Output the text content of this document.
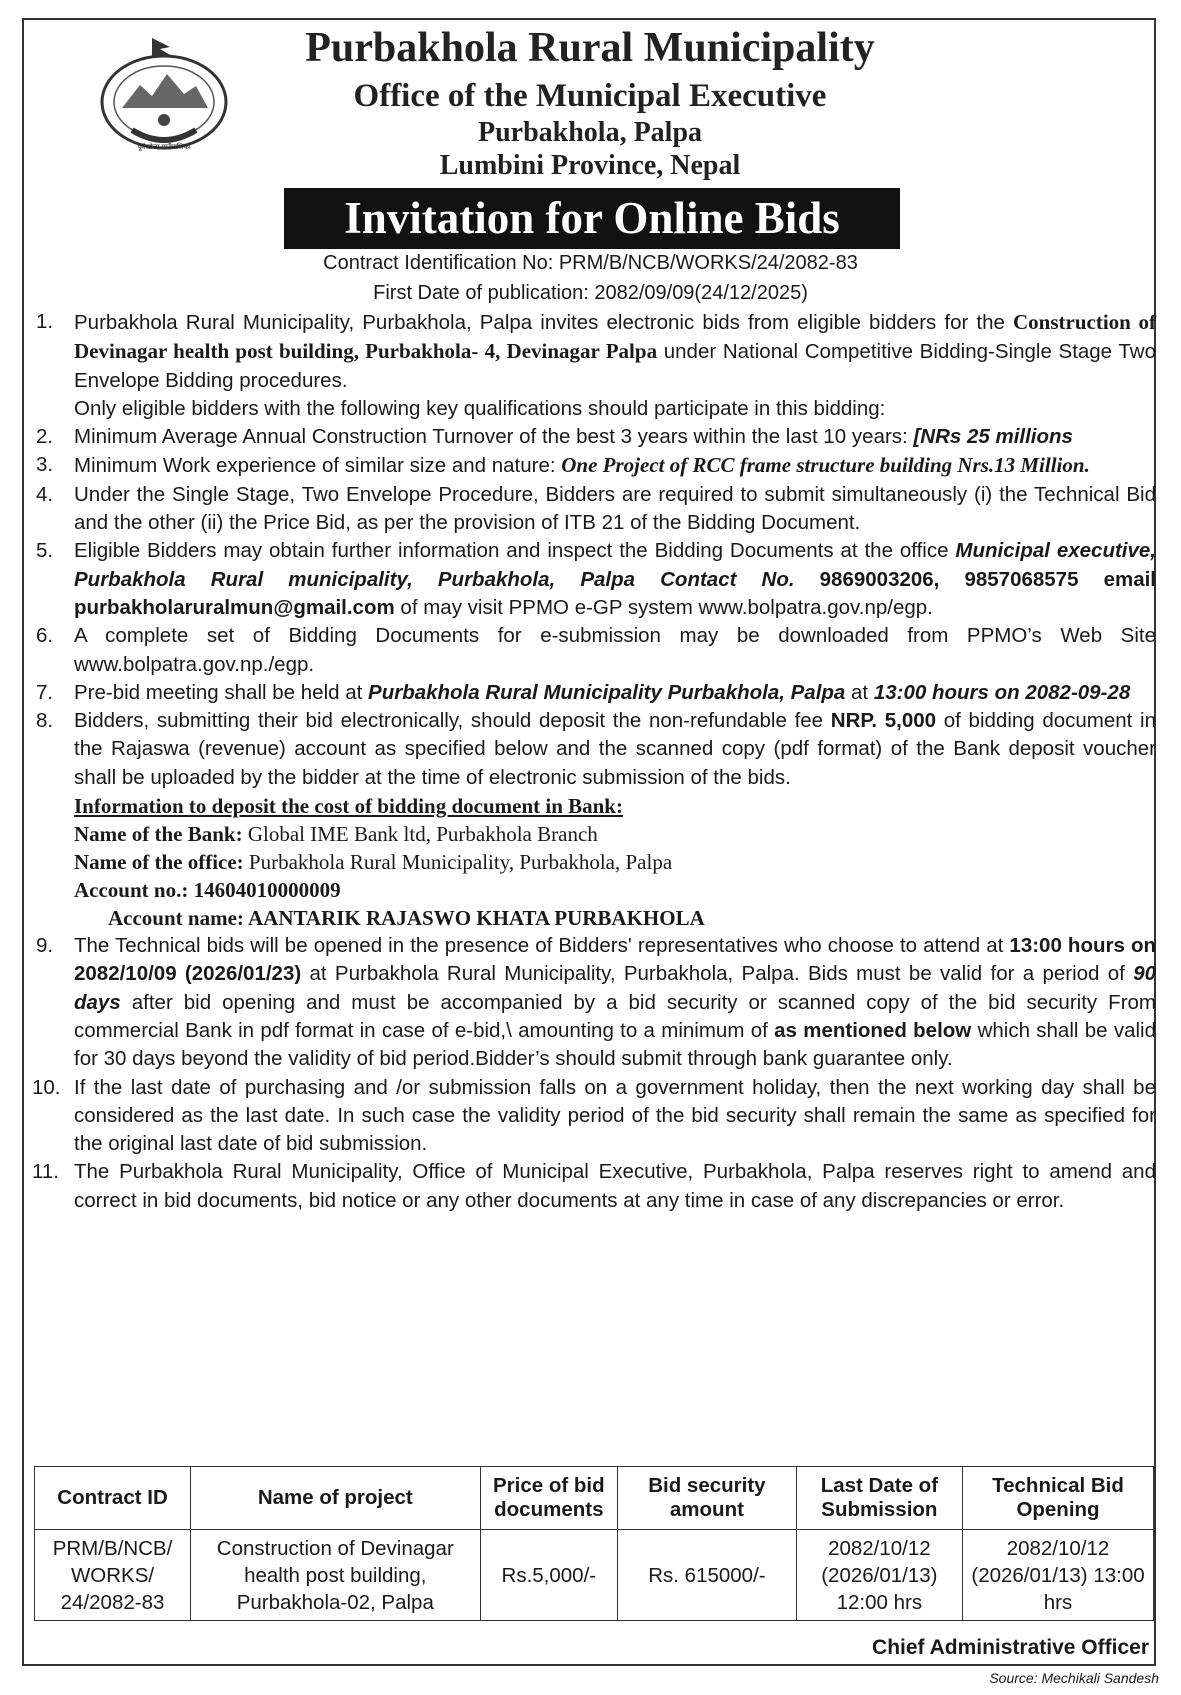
पूर्वखोला गाउँपालिका
Purbakhola Rural Municipality
Office of the Municipal Executive
Purbakhola, Palpa
Lumbini Province, Nepal
Invitation for Online Bids
Contract Identification No: PRM/B/NCB/WORKS/24/2082-83
First Date of publication: 2082/09/09(24/12/2025)
1. Purbakhola Rural Municipality, Purbakhola, Palpa invites electronic bids from eligible bidders for the Construction of Devinagar health post building, Purbakhola- 4, Devinagar Palpa under National Competitive Bidding-Single Stage Two Envelope Bidding procedures.
Only eligible bidders with the following key qualifications should participate in this bidding:
2. Minimum Average Annual Construction Turnover of the best 3 years within the last 10 years: [NRs 25 millions
3. Minimum Work experience of similar size and nature: One Project of RCC frame structure building Nrs.13 Million.
4. Under the Single Stage, Two Envelope Procedure, Bidders are required to submit simultaneously (i) the Technical Bid and the other (ii) the Price Bid, as per the provision of ITB 21 of the Bidding Document.
5. Eligible Bidders may obtain further information and inspect the Bidding Documents at the office Municipal executive, Purbakhola Rural municipality, Purbakhola, Palpa Contact No. 9869003206, 9857068575 email purbakholaruralmun@gmail.com of may visit PPMO e-GP system www.bolpatra.gov.np/egp.
6. A complete set of Bidding Documents for e-submission may be downloaded from PPMO’s Web Site www.bolpatra.gov.np./egp.
7. Pre-bid meeting shall be held at Purbakhola Rural Municipality Purbakhola, Palpa at 13:00 hours on 2082-09-28
8. Bidders, submitting their bid electronically, should deposit the non-refundable fee NRP. 5,000 of bidding document in the Rajaswa (revenue) account as specified below and the scanned copy (pdf format) of the Bank deposit voucher shall be uploaded by the bidder at the time of electronic submission of the bids.
Information to deposit the cost of bidding document in Bank:
Name of the Bank: Global IME Bank ltd, Purbakhola Branch
Name of the office: Purbakhola Rural Municipality, Purbakhola, Palpa
Account no.: 14604010000009
Account name: AANTARIK RAJASWO KHATA PURBAKHOLA
9. The Technical bids will be opened in the presence of Bidders' representatives who choose to attend at 13:00 hours on 2082/10/09 (2026/01/23) at Purbakhola Rural Municipality, Purbakhola, Palpa. Bids must be valid for a period of 90 days after bid opening and must be accompanied by a bid security or scanned copy of the bid security From commercial Bank in pdf format in case of e-bid,\ amounting to a minimum of as mentioned below which shall be valid for 30 days beyond the validity of bid period.Bidder’s should submit through bank guarantee only.
10. If the last date of purchasing and /or submission falls on a government holiday, then the next working day shall be considered as the last date. In such case the validity period of the bid security shall remain the same as specified for the original last date of bid submission.
11. The Purbakhola Rural Municipality, Office of Municipal Executive, Purbakhola, Palpa reserves right to amend and correct in bid documents, bid notice or any other documents at any time in case of any discrepancies or error.
Contract ID	Name of project	Price of bid documents	Bid security amount	Last Date of Submission	Technical Bid Opening
PRM/B/NCB/ WORKS/ 24/2082-83	Construction of Devinagar health post building, Purbakhola-02, Palpa	Rs.5,000/-	Rs. 615000/-	2082/10/12 (2026/01/13) 12:00 hrs	2082/10/12 (2026/01/13) 13:00 hrs
Chief Administrative Officer
Source: Mechikali Sandesh
